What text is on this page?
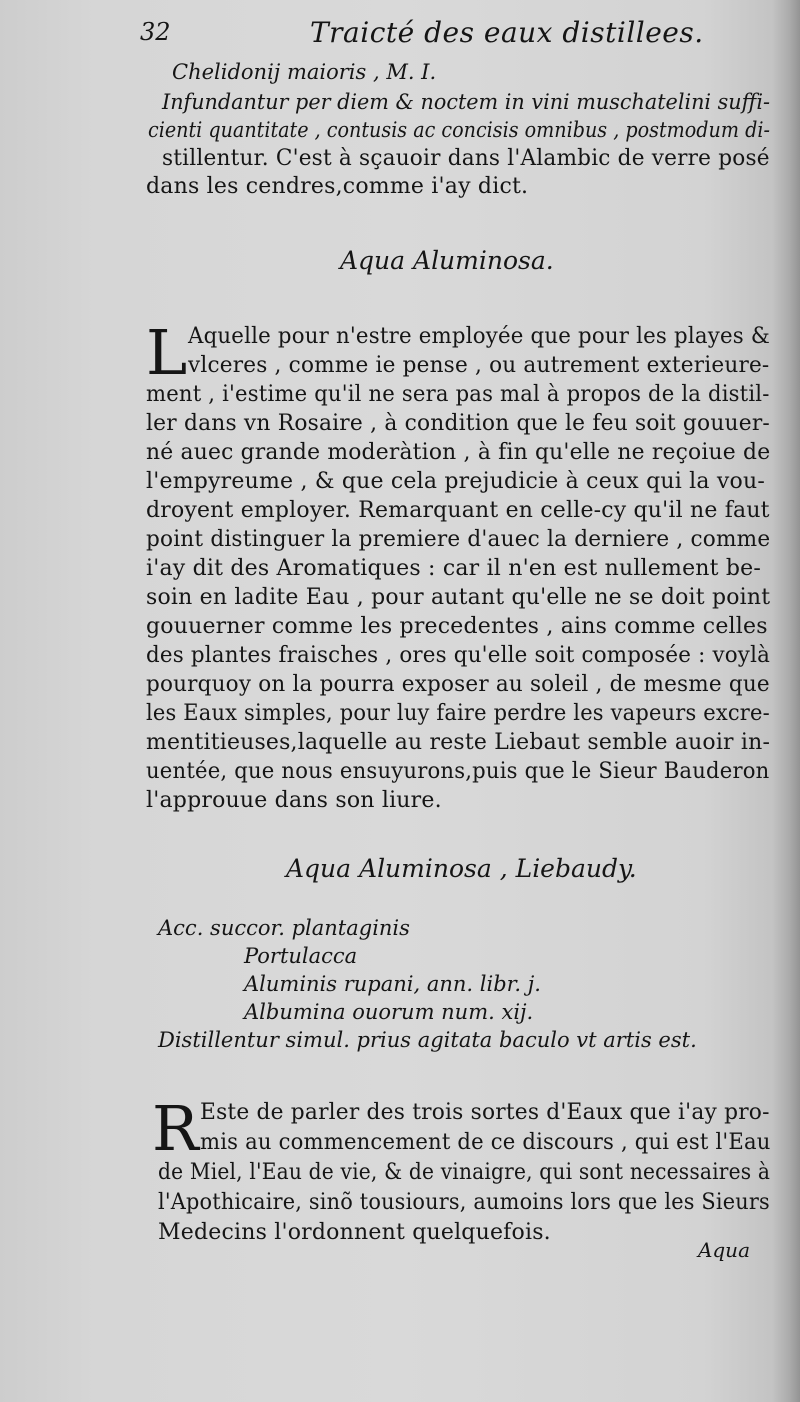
32	Traicté des eaux distillees.
Chelidonij maioris , M. I.
Infundantur per diem & noctem in vini muschatelini suffi-
cienti quantitate , contusis ac concisis omnibus , postmodum di-
stillentur. C'est à sçauoir dans l'Alambic de verre posé
dans les cendres,comme i'ay dict.
Aqua Aluminosa.
L Aquelle pour n'estre employée que pour les playes &
vlceres , comme ie pense , ou autrement exterieure-
ment , i'estime qu'il ne sera pas mal à propos de la distil-
ler dans vn Rosaire , à condition que le feu soit gouuer-
né auec grande moderàtion , à fin qu'elle ne reçoiue de
l'empyreume , & que cela prejudicie à ceux qui la vou-
droyent employer. Remarquant en celle-cy qu'il ne faut
point distinguer la premiere d'auec la derniere , comme
i'ay dit des Aromatiques : car il n'en est nullement be-
soin en ladite Eau , pour autant qu'elle ne se doit point
gouuerner comme les precedentes , ains comme celles
des plantes fraisches , ores qu'elle soit composée : voylà
pourquoy on la pourra exposer au soleil , de mesme que
les Eaux simples, pour luy faire perdre les vapeurs excre-
mentitieuses,laquelle au reste Liebaut semble auoir in-
uentée, que nous ensuyurons,puis que le Sieur Bauderon
l'approuue dans son liure.
Aqua Aluminosa , Liebaudy.
Acc. succor. plantaginis
Portulacca
Aluminis rupani, ann. libr. j.
Albumina ouorum num. xij.
Distillentur simul. prius agitata baculo vt artis est.
R Este de parler des trois sortes d'Eaux que i'ay pro-
mis au commencement de ce discours , qui est l'Eau
de Miel, l'Eau de vie, & de vinaigre, qui sont necessaires à
l'Apothicaire, sinõ tousiours, aumoins lors que les Sieurs
Medecins l'ordonnent quelquefois.
Aqua
